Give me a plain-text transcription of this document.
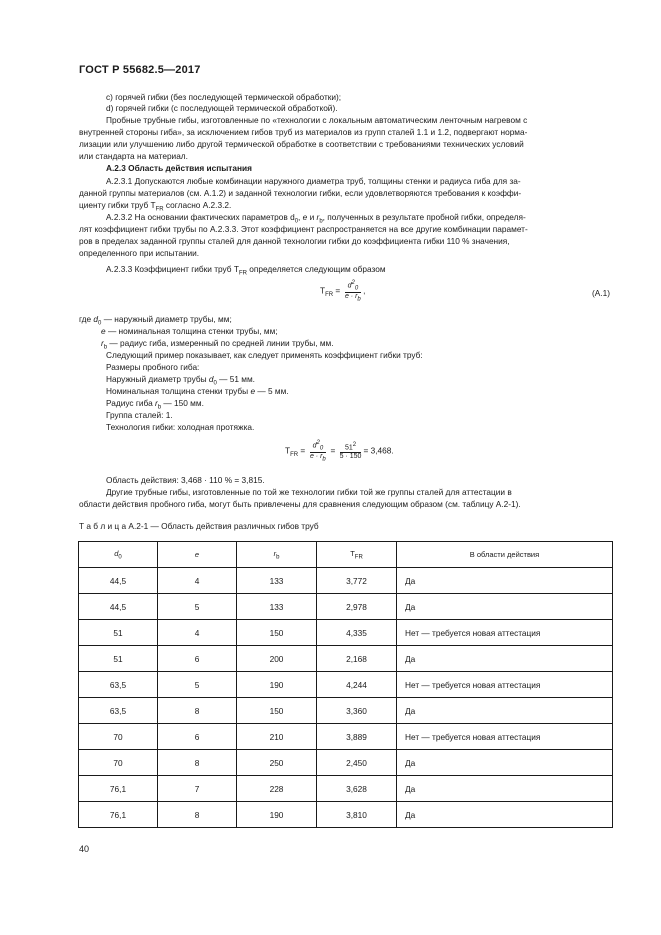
ГОСТ Р 55682.5—2017
с) горячей гибки (без последующей термической обработки);
d) горячей гибки (с последующей термической обработкой).
Пробные трубные гибы, изготовленные по «технологии с локальным автоматическим ленточным нагревом с
внутренней стороны гиба», за исключением гибов труб из материалов из групп сталей 1.1 и 1.2, подвергают норма-
лизации или улучшению либо другой термической обработке в соответствии с требованиями технических условий
или стандарта на материал.
А.2.3 Область действия испытания
А.2.3.1 Допускаются любые комбинации наружного диаметра труб, толщины стенки и радиуса гиба для за-
данной группы материалов (см. А.1.2) и заданной технологии гибки, если удовлетворяются требования к коэффи-
циенту гибки труб $T_{FR}$ согласно А.2.3.2.
А.2.3.2 На основании фактических параметров $d_0$, e и $r_b$, полученных в результате пробной гибки, определя-
лят коэффициент гибки трубы по А.2.3.3. Этот коэффициент распространяется на все другие комбинации парамет-
ров в пределах заданной группы сталей для данной технологии гибки до коэффициента гибки 110 % значения,
определенного при испытании.
А.2.3.3 Коэффициент гибки труб $T_{FR}$ определяется следующим образом
$T_{FR} = \frac{d^2_0}{e \cdot r_b}$ ,	(А.1)
где $d_0$ — наружный диаметр трубы, мм;
e — номинальная толщина стенки трубы, мм;
$r_b$ — радиус гиба, измеренный по средней линии трубы, мм.
Следующий пример показывает, как следует применять коэффициент гибки труб:
Размеры пробного гиба:
Наружный диаметр трубы $d_0$ — 51 мм.
Номинальная толщина стенки трубы e — 5 мм.
Радиус гиба $r_b$ — 150 мм.
Группа сталей: 1.
Технология гибки: холодная протяжка.
$T_{FR} = \frac{d^2_0}{e \cdot r_b} = \frac{51^2}{5 \cdot 150} = 3,468$.
Область действия: 3,468 · 110 % = 3,815.
Другие трубные гибы, изготовленные по той же технологии гибки той же группы сталей для аттестации в
области действия пробного гиба, могут быть привлечены для сравнения следующим образом (см. таблицу А.2-1).
Т а б л и ц а А.2-1 — Область действия различных гибов труб
$d_0$	e	$r_b$	$T_{FR}$	В области действия
44,5	4	133	3,772	Да
44,5	5	133	2,978	Да
51	4	150	4,335	Нет — требуется новая аттестация
51	6	200	2,168	Да
63,5	5	190	4,244	Нет — требуется новая аттестация
63,5	8	150	3,360	Да
70	6	210	3,889	Нет — требуется новая аттестация
70	8	250	2,450	Да
76,1	7	228	3,628	Да
76,1	8	190	3,810	Да
40
